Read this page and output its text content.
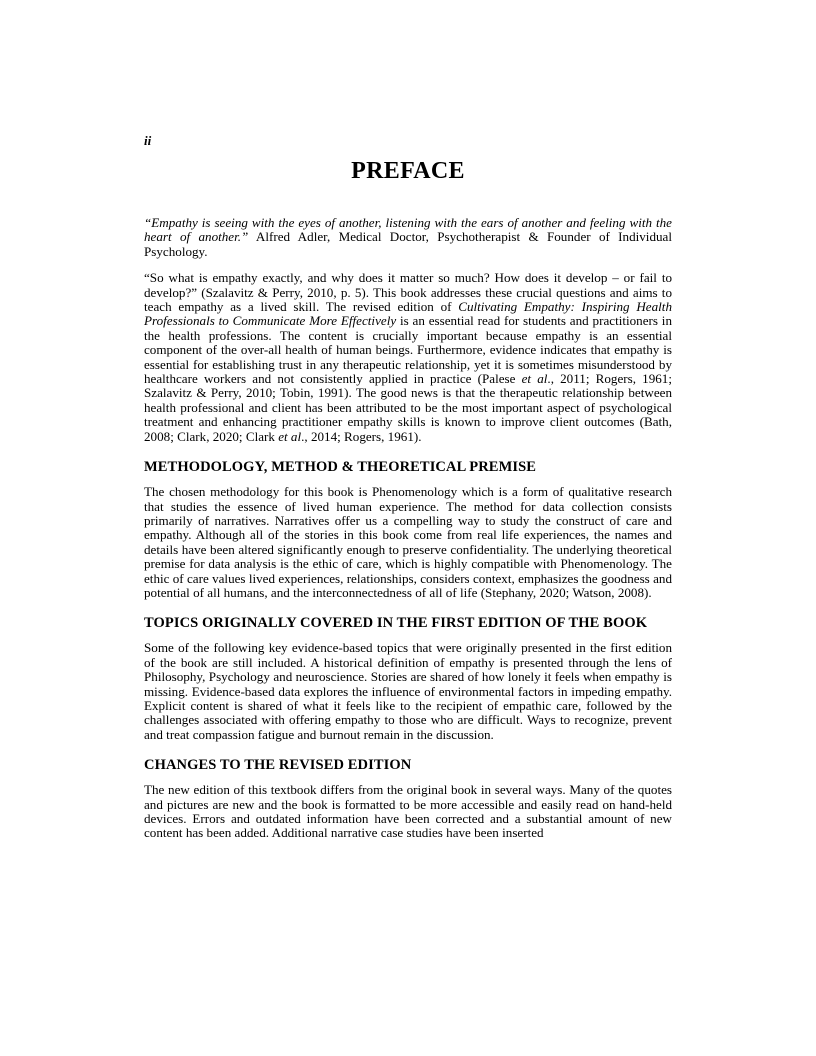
ii
PREFACE

“Empathy is seeing with the eyes of another, listening with the ears of another and feeling with the heart of another.” Alfred Adler, Medical Doctor, Psychotherapist & Founder of Individual Psychology.

“So what is empathy exactly, and why does it matter so much? How does it develop – or fail to develop?” (Szalavitz & Perry, 2010, p. 5). This book addresses these crucial questions and aims to teach empathy as a lived skill. The revised edition of Cultivating Empathy: Inspiring Health Professionals to Communicate More Effectively is an essential read for students and practitioners in the health professions. The content is crucially important because empathy is an essential component of the over-all health of human beings. Furthermore, evidence indicates that empathy is essential for establishing trust in any therapeutic relationship, yet it is sometimes misunderstood by healthcare workers and not consistently applied in practice (Palese et al., 2011; Rogers, 1961; Szalavitz & Perry, 2010; Tobin, 1991). The good news is that the therapeutic relationship between health professional and client has been attributed to be the most important aspect of psychological treatment and enhancing practitioner empathy skills is known to improve client outcomes (Bath, 2008; Clark, 2020; Clark et al., 2014; Rogers, 1961).

METHODOLOGY, METHOD & THEORETICAL PREMISE

The chosen methodology for this book is Phenomenology which is a form of qualitative research that studies the essence of lived human experience. The method for data collection consists primarily of narratives. Narratives offer us a compelling way to study the construct of care and empathy. Although all of the stories in this book come from real life experiences, the names and details have been altered significantly enough to preserve confidentiality. The underlying theoretical premise for data analysis is the ethic of care, which is highly compatible with Phenomenology. The ethic of care values lived experiences, relationships, considers context, emphasizes the goodness and potential of all humans, and the interconnectedness of all of life (Stephany, 2020; Watson, 2008).

TOPICS ORIGINALLY COVERED IN THE FIRST EDITION OF THE BOOK

Some of the following key evidence-based topics that were originally presented in the first edition of the book are still included. A historical definition of empathy is presented through the lens of Philosophy, Psychology and neuroscience. Stories are shared of how lonely it feels when empathy is missing. Evidence-based data explores the influence of environmental factors in impeding empathy. Explicit content is shared of what it feels like to the recipient of empathic care, followed by the challenges associated with offering empathy to those who are difficult. Ways to recognize, prevent and treat compassion fatigue and burnout remain in the discussion.

CHANGES TO THE REVISED EDITION

The new edition of this textbook differs from the original book in several ways. Many of the quotes and pictures are new and the book is formatted to be more accessible and easily read on hand-held devices. Errors and outdated information have been corrected and a substantial amount of new content has been added. Additional narrative case studies have been inserted
